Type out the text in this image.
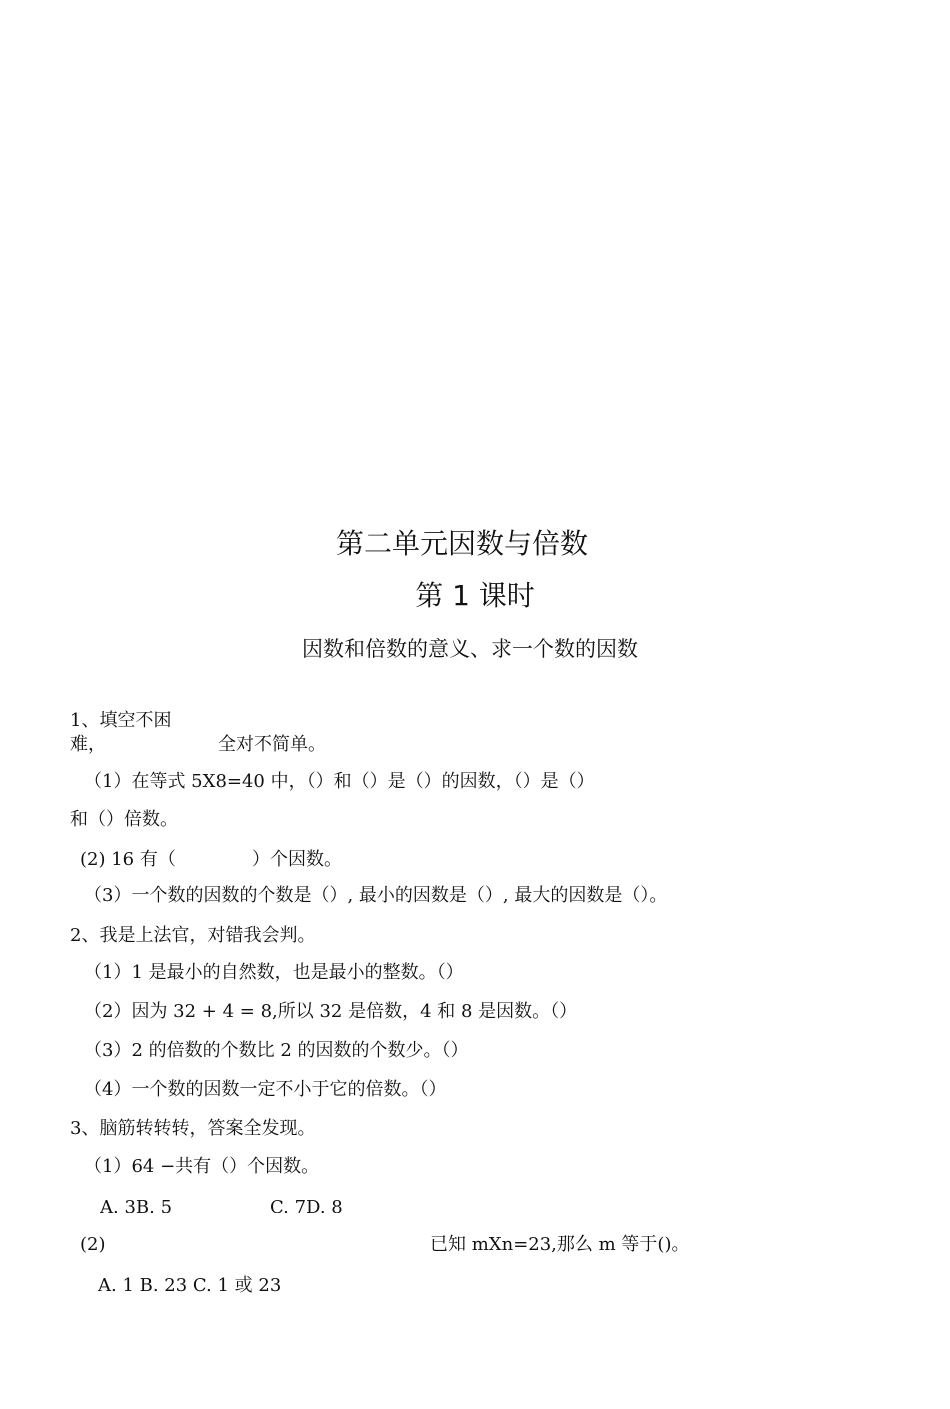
第二单元因数与倍数
第 1 课时
因数和倍数的意义、求一个数的因数
1、填空不困
难，	全对不简单。
（1）在等式 5X8=40 中，（）和（）是（）的因数，（）是（）
和（）倍数。
(2) 16 有（	）个因数。
（3）一个数的因数的个数是（）, 最小的因数是（）, 最大的因数是（）。
2、我是上法官，对错我会判。
（1）1 是最小的自然数，也是最小的整数。（）
（2）因为 32 + 4 = 8,所以 32 是倍数，4 和 8 是因数。（）
（3）2 的倍数的个数比 2 的因数的个数少。（）
（4）一个数的因数一定不小于它的倍数。（）
3、脑筋转转转，答案全发现。
（1）64 −共有（）个因数。
A. 3B. 5	C. 7D. 8
(2)	已知 mXn=23,那么 m 等于()。
A. 1 B. 23 C. 1 或 23
